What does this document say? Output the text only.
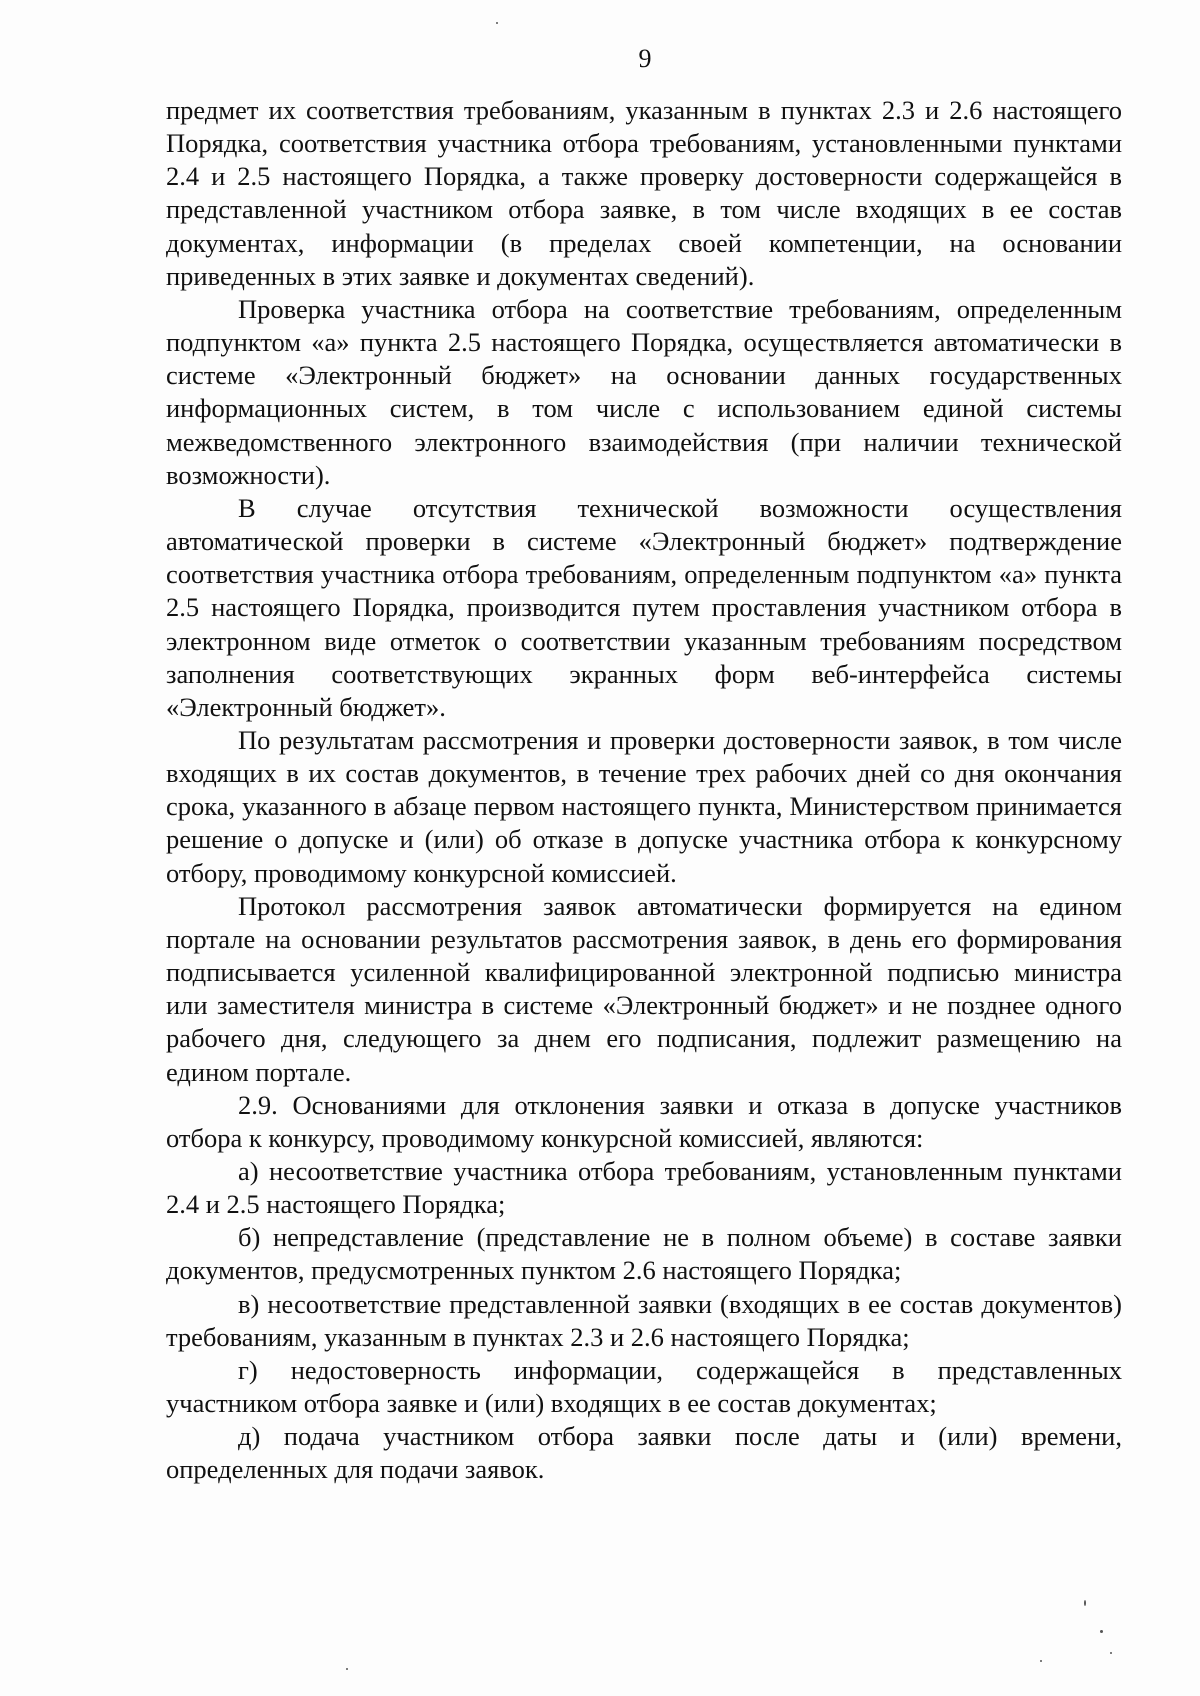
9

предмет их соответствия требованиям, указанным в пунктах 2.3 и 2.6 настоящего Порядка, соответствия участника отбора требованиям, установленными пунктами 2.4 и 2.5 настоящего Порядка, а также проверку достоверности содержащейся в представленной участником отбора заявке, в том числе входящих в ее состав документах, информации (в пределах своей компетенции, на основании приведенных в этих заявке и документах сведений).

Проверка участника отбора на соответствие требованиям, определенным подпунктом «а» пункта 2.5 настоящего Порядка, осуществляется автоматически в системе «Электронный бюджет» на основании данных государственных информационных систем, в том числе с использованием единой системы межведомственного электронного взаимодействия (при наличии технической возможности).

В случае отсутствия технической возможности осуществления автоматической проверки в системе «Электронный бюджет» подтверждение соответствия участника отбора требованиям, определенным подпунктом «а» пункта 2.5 настоящего Порядка, производится путем проставления участником отбора в электронном виде отметок о соответствии указанным требованиям посредством заполнения соответствующих экранных форм веб-интерфейса системы «Электронный бюджет».

По результатам рассмотрения и проверки достоверности заявок, в том числе входящих в их состав документов, в течение трех рабочих дней со дня окончания срока, указанного в абзаце первом настоящего пункта, Министерством принимается решение о допуске и (или) об отказе в допуске участника отбора к конкурсному отбору, проводимому конкурсной комиссией.

Протокол рассмотрения заявок автоматически формируется на едином портале на основании результатов рассмотрения заявок, в день его формирования подписывается усиленной квалифицированной электронной подписью министра или заместителя министра в системе «Электронный бюджет» и не позднее одного рабочего дня, следующего за днем его подписания, подлежит размещению на едином портале.

2.9. Основаниями для отклонения заявки и отказа в допуске участников отбора к конкурсу, проводимому конкурсной комиссией, являются:

а) несоответствие участника отбора требованиям, установленным пунктами 2.4 и 2.5 настоящего Порядка;

б) непредставление (представление не в полном объеме) в составе заявки документов, предусмотренных пунктом 2.6 настоящего Порядка;

в) несоответствие представленной заявки (входящих в ее состав документов) требованиям, указанным в пунктах 2.3 и 2.6 настоящего Порядка;

г) недостоверность информации, содержащейся в представленных участником отбора заявке и (или) входящих в ее состав документах;

д) подача участником отбора заявки после даты и (или) времени, определенных для подачи заявок.
